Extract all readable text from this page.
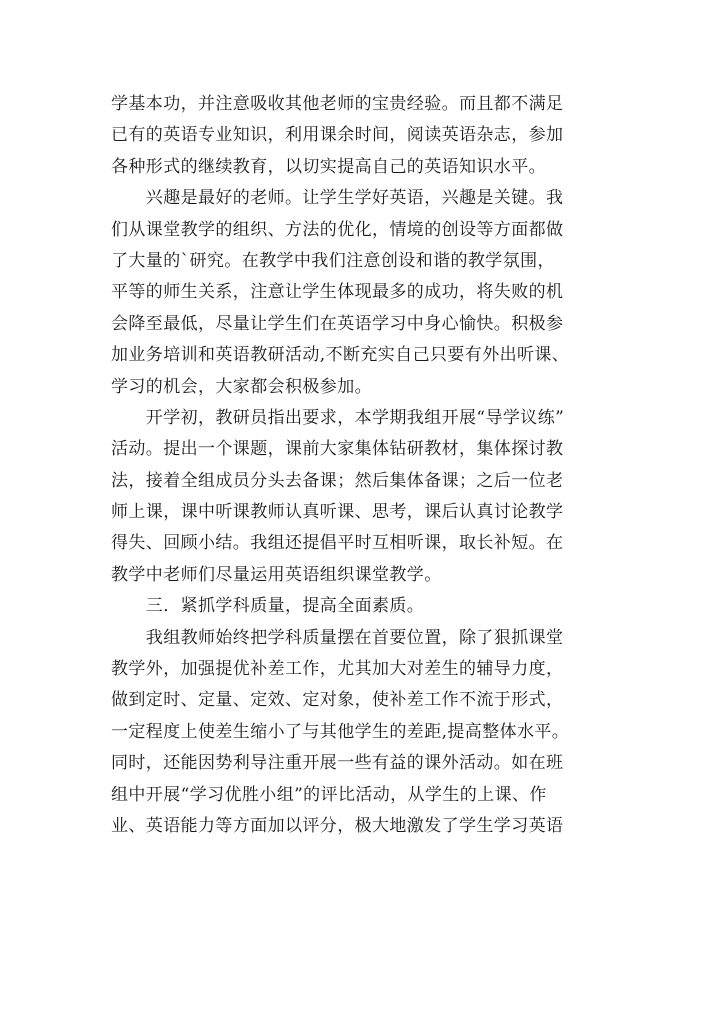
学基本功，并注意吸收其他老师的宝贵经验。而且都不满足
已有的英语专业知识，利用课余时间，阅读英语杂志，参加
各种形式的继续教育，以切实提高自己的英语知识水平。
　　兴趣是最好的老师。让学生学好英语，兴趣是关键。我
们从课堂教学的组织、方法的优化，情境的创设等方面都做
了大量的`研究。在教学中我们注意创设和谐的教学氛围，
平等的师生关系，注意让学生体现最多的成功，将失败的机
会降至最低，尽量让学生们在英语学习中身心愉快。积极参
加业务培训和英语教研活动,不断充实自己只要有外出听课、
学习的机会，大家都会积极参加。
　　开学初，教研员指出要求，本学期我组开展“导学议练”
活动。提出一个课题，课前大家集体钻研教材，集体探讨教
法，接着全组成员分头去备课；然后集体备课；之后一位老
师上课，课中听课教师认真听课、思考，课后认真讨论教学
得失、回顾小结。我组还提倡平时互相听课，取长补短。在
教学中老师们尽量运用英语组织课堂教学。
　　三．紧抓学科质量，提高全面素质。
　　我组教师始终把学科质量摆在首要位置，除了狠抓课堂
教学外，加强提优补差工作，尤其加大对差生的辅导力度，
做到定时、定量、定效、定对象，使补差工作不流于形式，
一定程度上使差生缩小了与其他学生的差距,提高整体水平。
同时，还能因势利导注重开展一些有益的课外活动。如在班
组中开展“学习优胜小组”的评比活动，从学生的上课、作
业、英语能力等方面加以评分，极大地激发了学生学习英语
